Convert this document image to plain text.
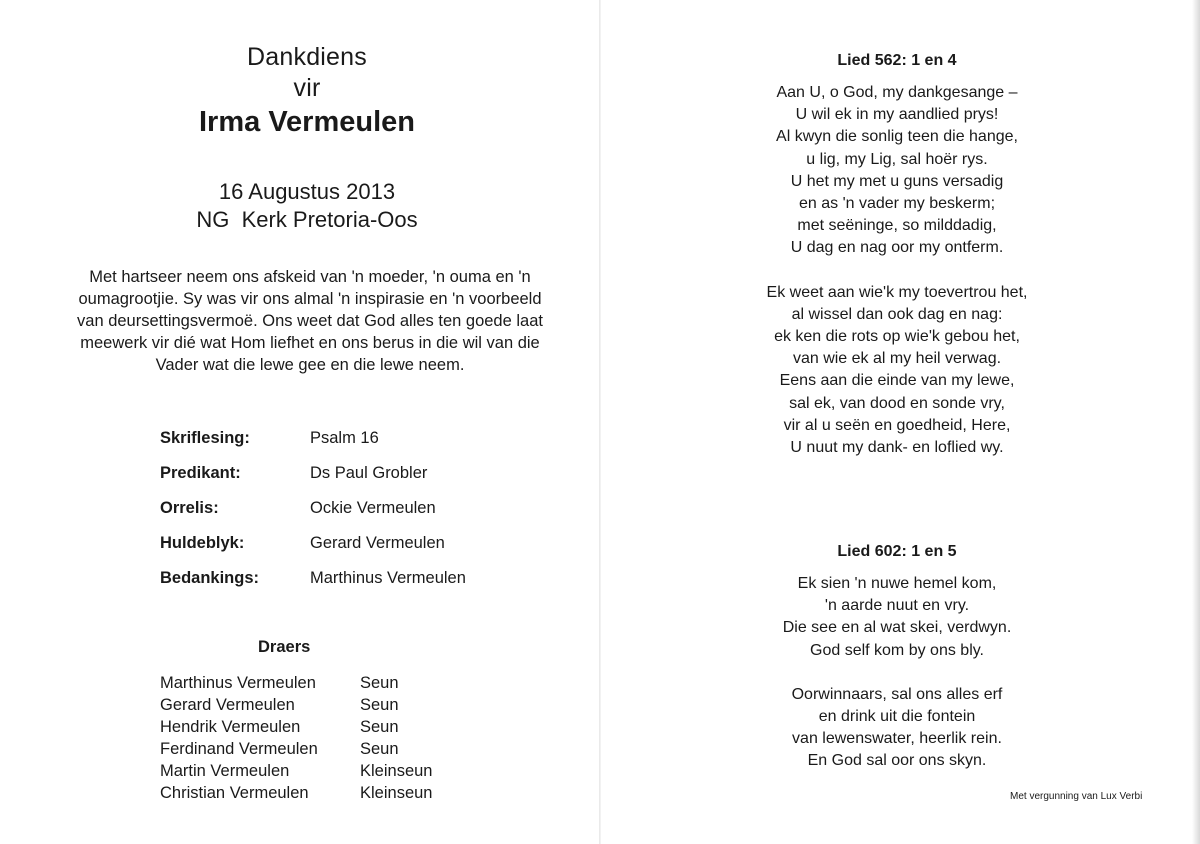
Dankdiens
vir
Irma Vermeulen
16 Augustus 2013
NG  Kerk Pretoria-Oos
Met hartseer neem ons afskeid van 'n moeder, 'n ouma en 'n
oumagrootjie. Sy was vir ons almal 'n inspirasie en 'n voorbeeld
van deursettingsvermoë. Ons weet dat God alles ten goede laat
meewerk vir dié wat Hom liefhet en ons berus in die wil van die
Vader wat die lewe gee en die lewe neem.
Skriflesing:	Psalm 16
Predikant:	Ds Paul Grobler
Orrelis:	Ockie Vermeulen
Huldeblyk:	Gerard Vermeulen
Bedankings:	Marthinus Vermeulen
Draers
Marthinus Vermeulen	Seun
Gerard Vermeulen	Seun
Hendrik Vermeulen	Seun
Ferdinand Vermeulen	Seun
Martin Vermeulen	Kleinseun
Christian Vermeulen	Kleinseun
Lied 562: 1 en 4
Aan U, o God, my dankgesange –
U wil ek in my aandlied prys!
Al kwyn die sonlig teen die hange,
u lig, my Lig, sal hoër rys.
U het my met u guns versadig
en as 'n vader my beskerm;
met seëninge, so milddadig,
U dag en nag oor my ontferm.
Ek weet aan wie'k my toevertrou het,
al wissel dan ook dag en nag:
ek ken die rots op wie'k gebou het,
van wie ek al my heil verwag.
Eens aan die einde van my lewe,
sal ek, van dood en sonde vry,
vir al u seën en goedheid, Here,
U nuut my dank- en loflied wy.
Lied 602: 1 en 5
Ek sien 'n nuwe hemel kom,
'n aarde nuut en vry.
Die see en al wat skei, verdwyn.
God self kom by ons bly.
Oorwinnaars, sal ons alles erf
en drink uit die fontein
van lewenswater, heerlik rein.
En God sal oor ons skyn.
Met vergunning van Lux Verbi
